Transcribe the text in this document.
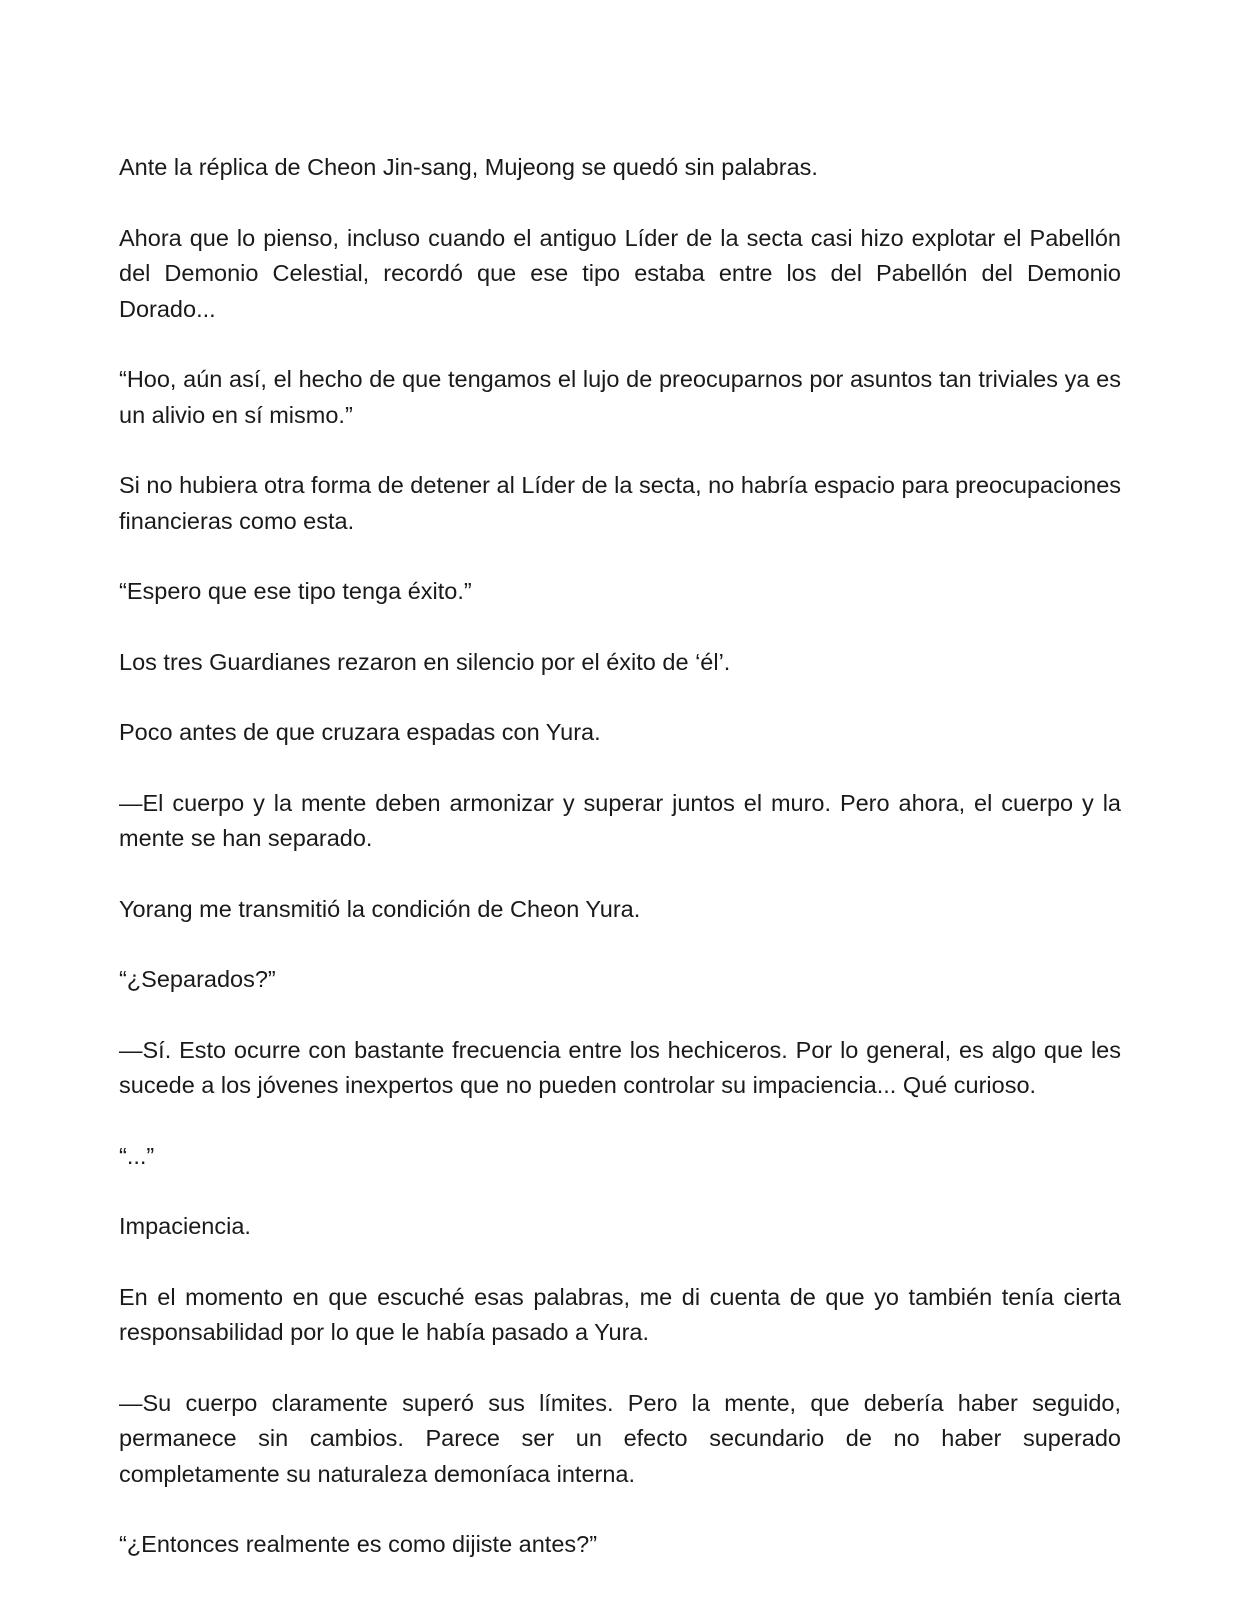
Ante la réplica de Cheon Jin-sang, Mujeong se quedó sin palabras.

Ahora que lo pienso, incluso cuando el antiguo Líder de la secta casi hizo explotar el Pabellón del Demonio Celestial, recordó que ese tipo estaba entre los del Pabellón del Demonio Dorado...

“Hoo, aún así, el hecho de que tengamos el lujo de preocuparnos por asuntos tan triviales ya es un alivio en sí mismo.”

Si no hubiera otra forma de detener al Líder de la secta, no habría espacio para preocupaciones financieras como esta.

“Espero que ese tipo tenga éxito.”

Los tres Guardianes rezaron en silencio por el éxito de ‘él’.

Poco antes de que cruzara espadas con Yura.

—El cuerpo y la mente deben armonizar y superar juntos el muro. Pero ahora, el cuerpo y la mente se han separado.

Yorang me transmitió la condición de Cheon Yura.

“¿Separados?”

—Sí. Esto ocurre con bastante frecuencia entre los hechiceros. Por lo general, es algo que les sucede a los jóvenes inexpertos que no pueden controlar su impaciencia... Qué curioso.

“...”

Impaciencia.

En el momento en que escuché esas palabras, me di cuenta de que yo también tenía cierta responsabilidad por lo que le había pasado a Yura.

—Su cuerpo claramente superó sus límites. Pero la mente, que debería haber seguido, permanece sin cambios. Parece ser un efecto secundario de no haber superado completamente su naturaleza demoníaca interna.

“¿Entonces realmente es como dijiste antes?”
